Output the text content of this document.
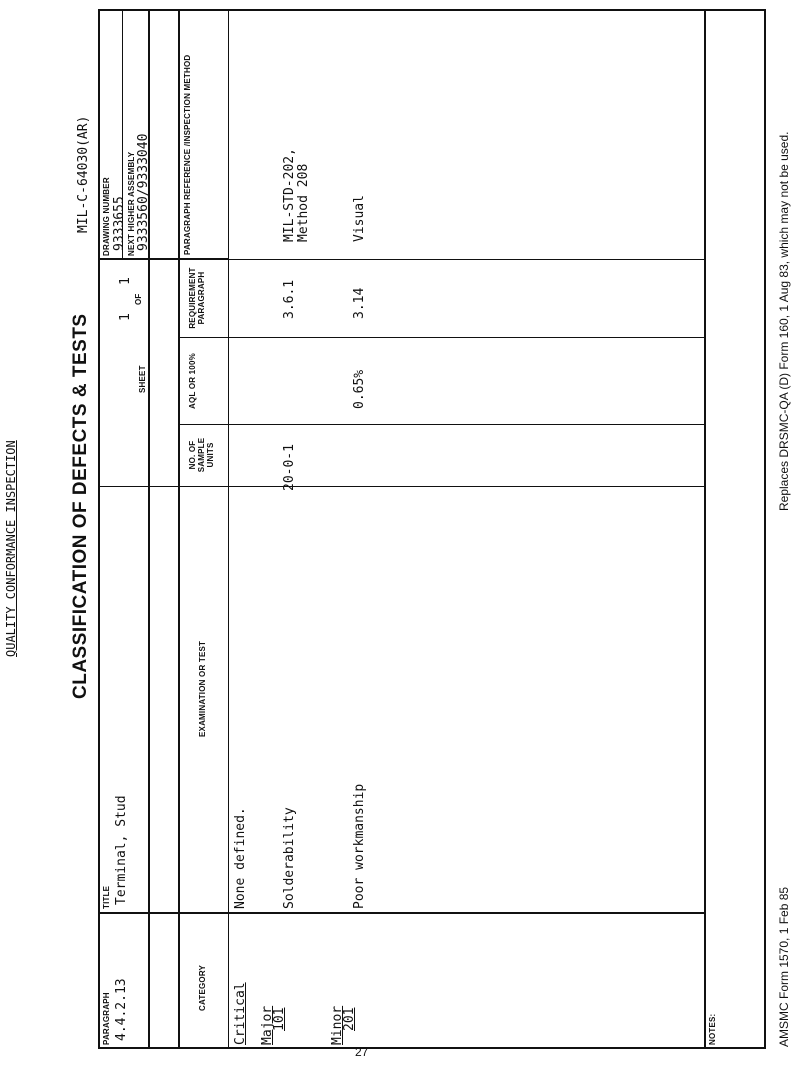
QUALITY CONFORMANCE INSPECTION	CLASSIFICATION OF DEFECTS & TESTS
MIL-C-64030(AR)
PARAGRAPH 4.4.2.13
TITLE Terminal, Stud
SHEET
1
OF
1
DRAWING NUMBER 9333655 NEXT HIGHER ASSEMBLY 9333560/9333040
CATEGORY
EXAMINATION OR TEST
NO. OF SAMPLE UNITS
AQL OR 100%
REQUIREMENT PARAGRAPH
PARAGRAPH REFERENCE /INSPECTION METHOD
Critical
None defined.
Major
101
Solderability
20-0-1
3.6.1
MIL-STD-202, Method 208
Minor
201
Poor workmanship
0.65%
3.14
Visual
NOTES:	AMSMC Form 1570, 1 Feb 85
Replaces DRSMC-QA (D) Form 160, 1 Aug 83, which may not be used.
27
